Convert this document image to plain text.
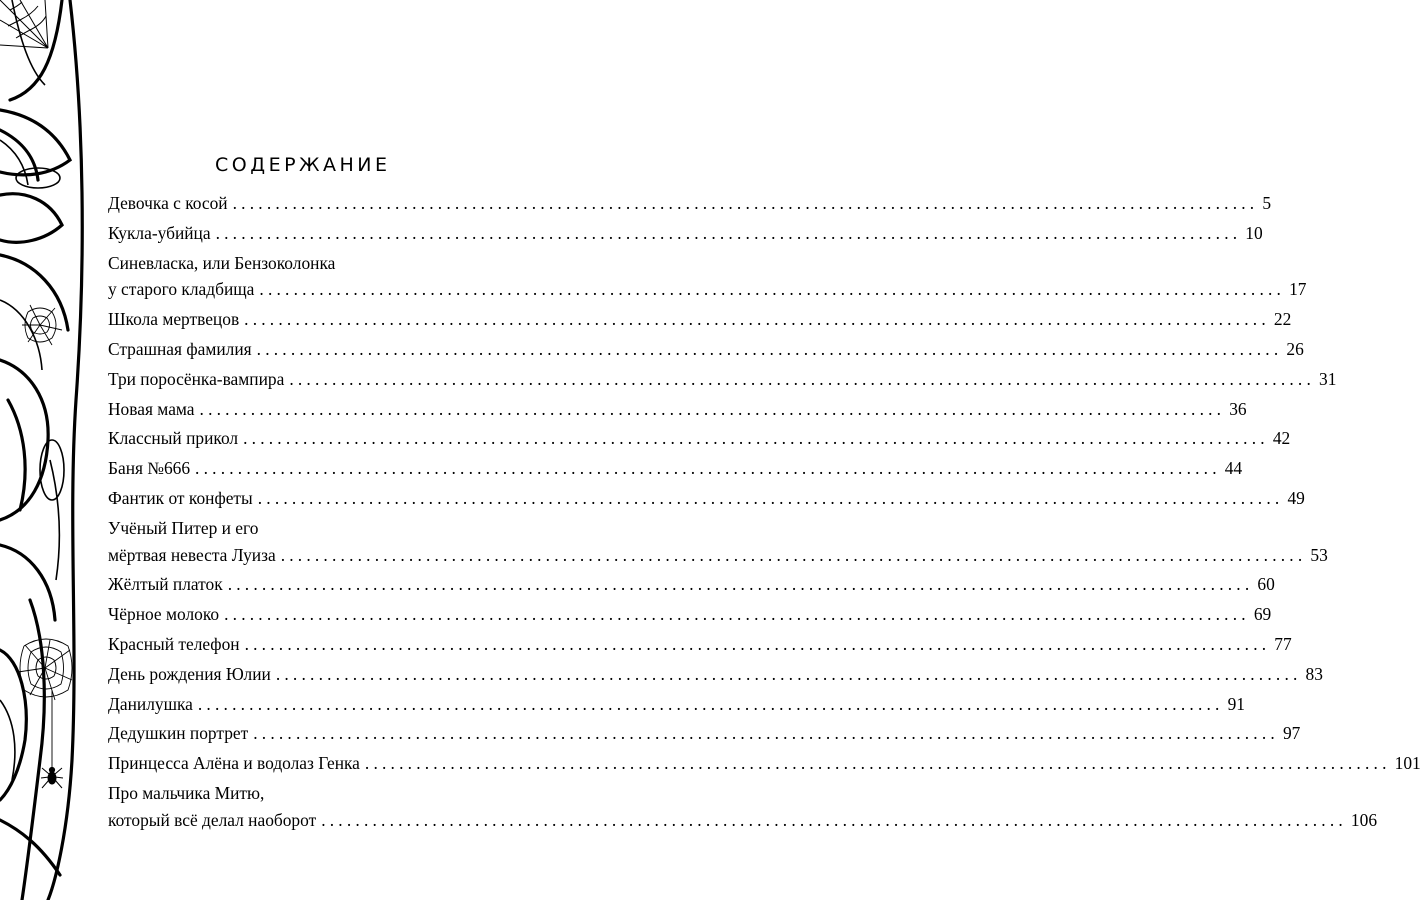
СОДЕРЖАНИЕ
Девочка с косой ........................................................................................................................ 5
Кукла-убийца ........................................................................................................................ 10
Синевласка, или Бензоколонка
у старого кладбища ........................................................................................................................ 17
Школа мертвецов ........................................................................................................................ 22
Страшная фамилия ........................................................................................................................ 26
Три поросёнка-вампира ........................................................................................................................ 31
Новая мама ........................................................................................................................ 36
Классный прикол ........................................................................................................................ 42
Баня №666 ........................................................................................................................ 44
Фантик от конфеты ........................................................................................................................ 49
Учёный Питер и его
мёртвая невеста Луиза ........................................................................................................................ 53
Жёлтый платок ........................................................................................................................ 60
Чёрное молоко ........................................................................................................................ 69
Красный телефон ........................................................................................................................ 77
День рождения Юлии ........................................................................................................................ 83
Данилушка ........................................................................................................................ 91
Дедушкин портрет ........................................................................................................................ 97
Принцесса Алёна и водолаз Генка ........................................................................................................................ 101
Про мальчика Митю,
который всё делал наоборот ........................................................................................................................ 106
